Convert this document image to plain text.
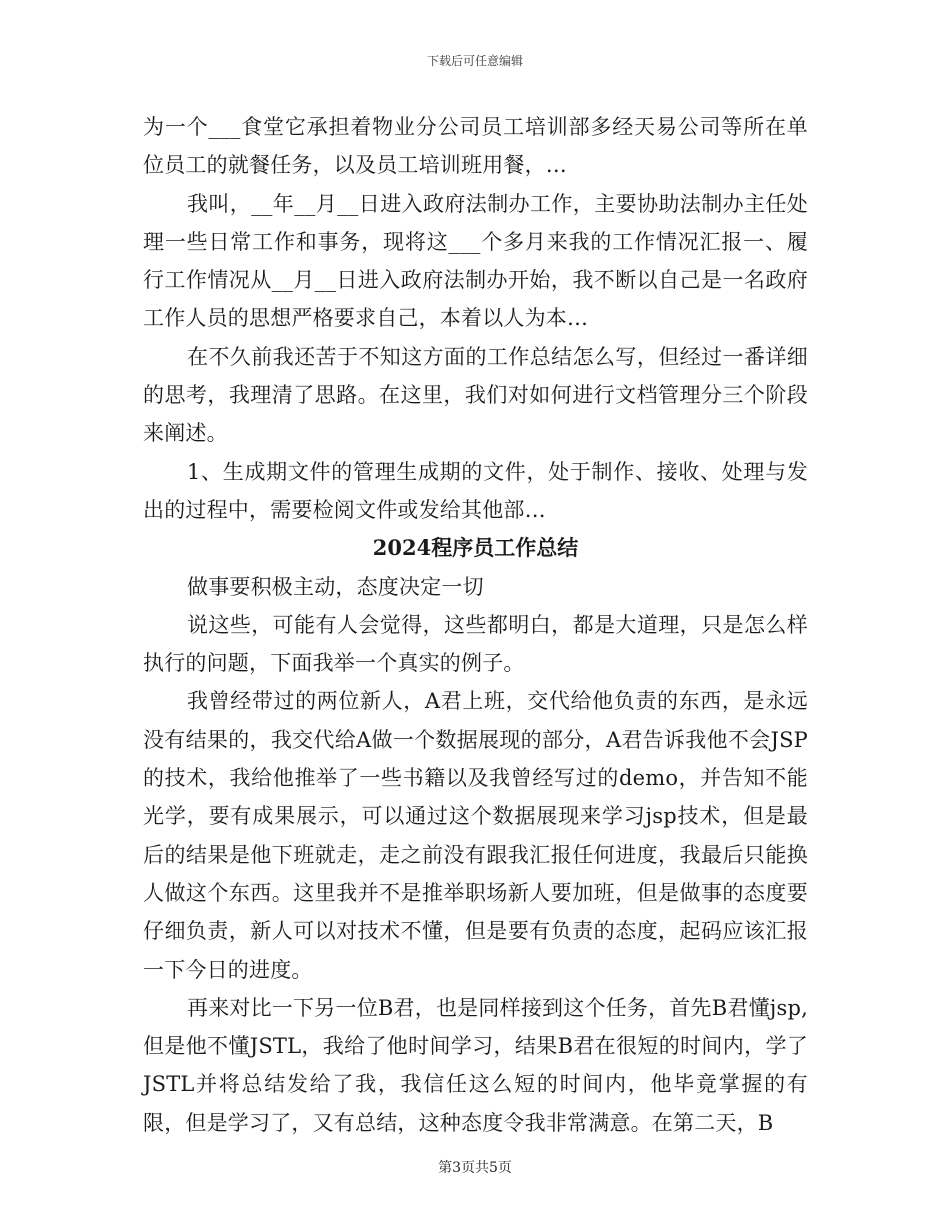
下载后可任意编辑

为一个___食堂它承担着物业分公司员工培训部多经天易公司等所在单位员工的就餐任务，以及员工培训班用餐，…

我叫，__年__月__日进入政府法制办工作，主要协助法制办主任处理一些日常工作和事务，现将这___个多月来我的工作情况汇报一、履行工作情况从__月__日进入政府法制办开始，我不断以自己是一名政府工作人员的思想严格要求自己，本着以人为本…

在不久前我还苦于不知这方面的工作总结怎么写，但经过一番详细的思考，我理清了思路。在这里，我们对如何进行文档管理分三个阶段来阐述。

1、生成期文件的管理生成期的文件，处于制作、接收、处理与发出的过程中，需要检阅文件或发给其他部…

2024程序员工作总结

做事要积极主动，态度决定一切

说这些，可能有人会觉得，这些都明白，都是大道理，只是怎么样执行的问题，下面我举一个真实的例子。

我曾经带过的两位新人，A君上班，交代给他负责的东西，是永远没有结果的，我交代给A做一个数据展现的部分，A君告诉我他不会JSP的技术，我给他推举了一些书籍以及我曾经写过的demo，并告知不能光学，要有成果展示，可以通过这个数据展现来学习jsp技术，但是最后的结果是他下班就走，走之前没有跟我汇报任何进度，我最后只能换人做这个东西。这里我并不是推举职场新人要加班，但是做事的态度要仔细负责，新人可以对技术不懂，但是要有负责的态度，起码应该汇报一下今日的进度。

再来对比一下另一位B君，也是同样接到这个任务，首先B君懂jsp,但是他不懂JSTL，我给了他时间学习，结果B君在很短的时间内，学了JSTL并将总结发给了我，我信任这么短的时间内，他毕竟掌握的有限，但是学习了，又有总结，这种态度令我非常满意。在第二天，B

第3页共5页
